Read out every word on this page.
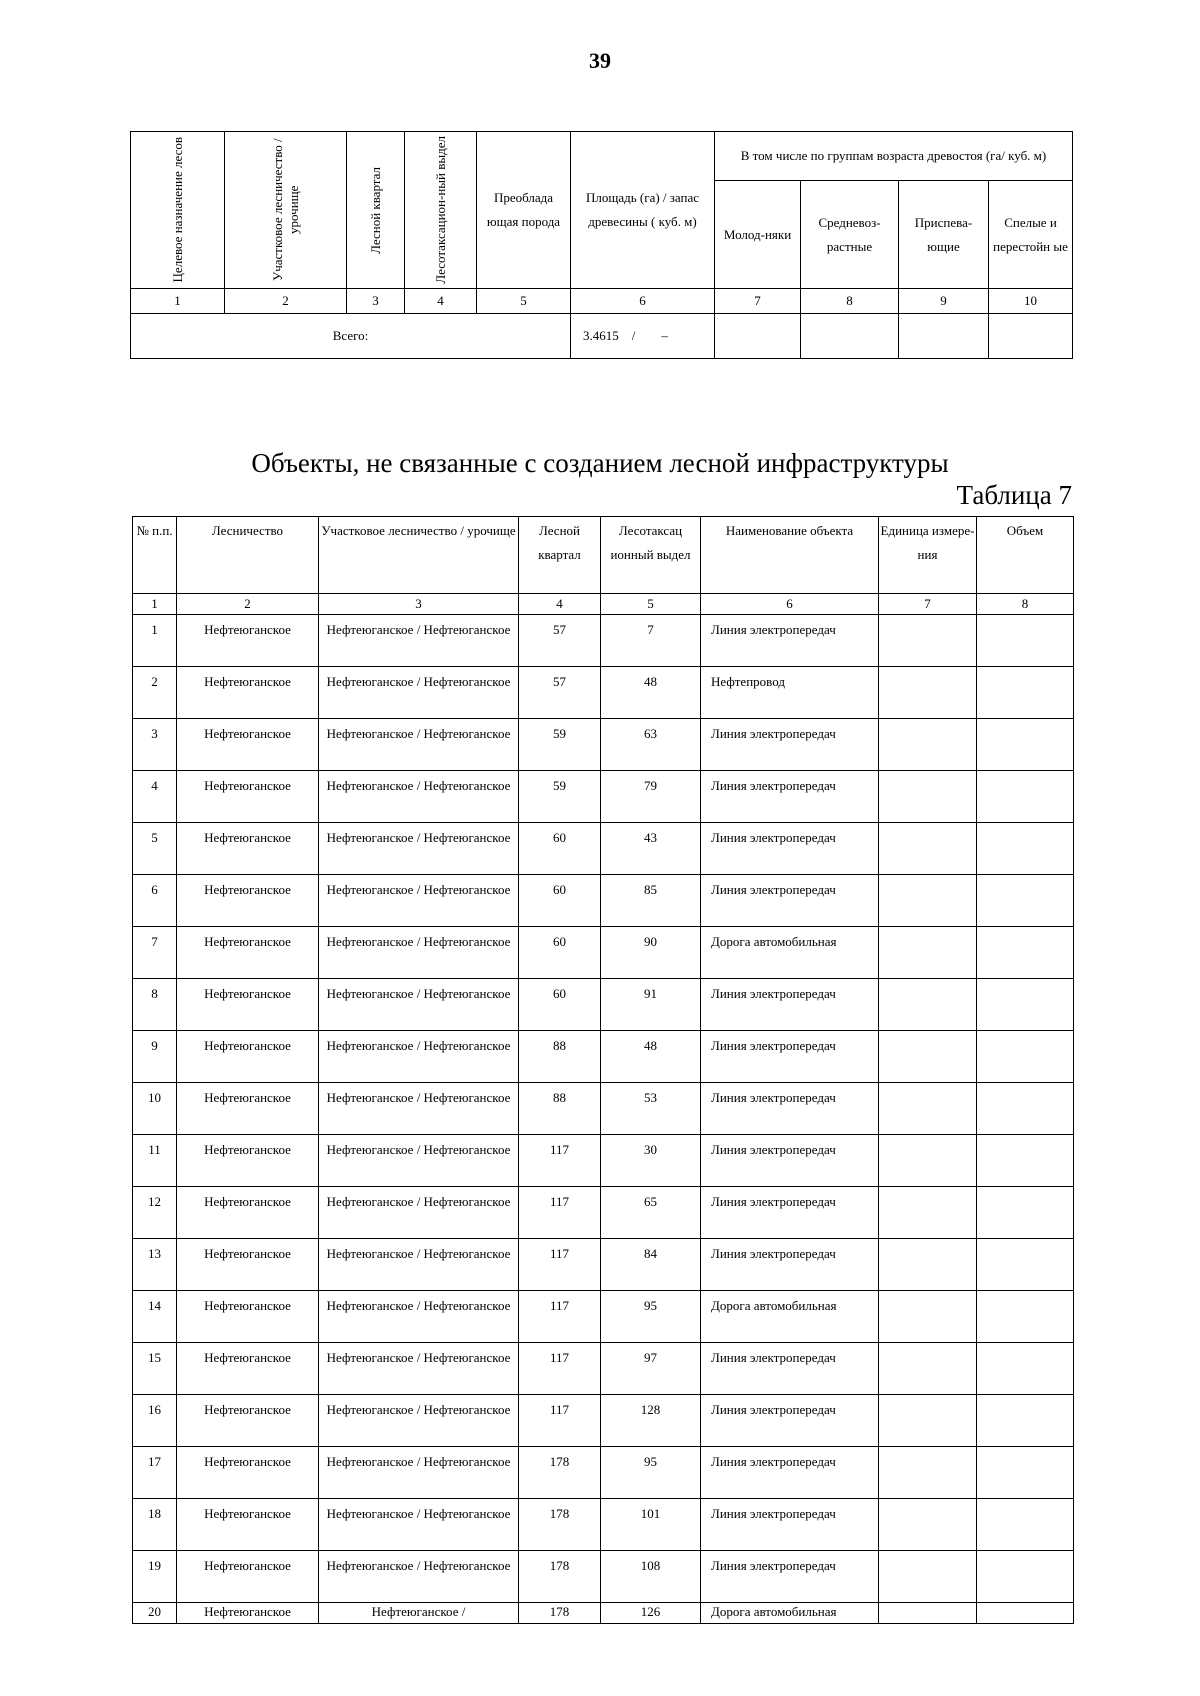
39
Целевое назначение лесов	Участковое лесничество / урочище	Лесной квартал	Лесотаксацион-ный выдел	Преоблада ющая порода	Площадь (га) / запас древесины ( куб. м)	В том числе по группам возраста древостоя (га/ куб. м)			
						Молод-няки	Средневоз-растные	Приспева-ющие	Спелые и перестойн ые
1	2	3	4	5	6	7	8	9	10
Всего:					3.4615 / –				
Объекты, не связанные с созданием лесной инфраструктуры
Таблица 7
№ п.п.	Лесничество	Участковое лесничество / урочище	Лесной квартал	Лесотаксац ионный выдел	Наименование объекта	Единица измере-ния	Объем
1	2	3	4	5	6	7	8
1	Нефтеюганское	Нефтеюганское / Нефтеюганское	57	7	Линия электропередач		
2	Нефтеюганское	Нефтеюганское / Нефтеюганское	57	48	Нефтепровод		
3	Нефтеюганское	Нефтеюганское / Нефтеюганское	59	63	Линия электропередач		
4	Нефтеюганское	Нефтеюганское / Нефтеюганское	59	79	Линия электропередач		
5	Нефтеюганское	Нефтеюганское / Нефтеюганское	60	43	Линия электропередач		
6	Нефтеюганское	Нефтеюганское / Нефтеюганское	60	85	Линия электропередач		
7	Нефтеюганское	Нефтеюганское / Нефтеюганское	60	90	Дорога автомобильная		
8	Нефтеюганское	Нефтеюганское / Нефтеюганское	60	91	Линия электропередач		
9	Нефтеюганское	Нефтеюганское / Нефтеюганское	88	48	Линия электропередач		
10	Нефтеюганское	Нефтеюганское / Нефтеюганское	88	53	Линия электропередач		
11	Нефтеюганское	Нефтеюганское / Нефтеюганское	117	30	Линия электропередач		
12	Нефтеюганское	Нефтеюганское / Нефтеюганское	117	65	Линия электропередач		
13	Нефтеюганское	Нефтеюганское / Нефтеюганское	117	84	Линия электропередач		
14	Нефтеюганское	Нефтеюганское / Нефтеюганское	117	95	Дорога автомобильная		
15	Нефтеюганское	Нефтеюганское / Нефтеюганское	117	97	Линия электропередач		
16	Нефтеюганское	Нефтеюганское / Нефтеюганское	117	128	Линия электропередач		
17	Нефтеюганское	Нефтеюганское / Нефтеюганское	178	95	Линия электропередач		
18	Нефтеюганское	Нефтеюганское / Нефтеюганское	178	101	Линия электропередач		
19	Нефтеюганское	Нефтеюганское / Нефтеюганское	178	108	Линия электропередач		
20	Нефтеюганское	Нефтеюганское /	178	126	Дорога автомобильная		
